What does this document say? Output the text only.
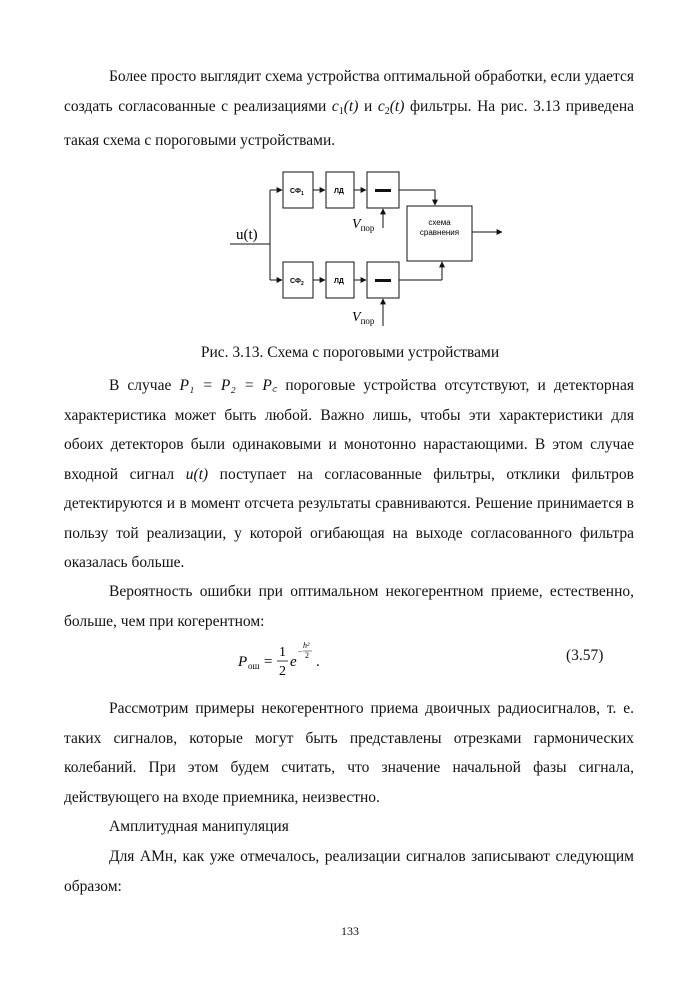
Более просто выглядит схема устройства оптимальной обработки, если удается создать согласованные с реализациями $c_1(t)$ и $c_2(t)$ фильтры. На рис. 3.13 приведена такая схема с пороговыми устройствами.

u(t)
$СФ_1$	ЛД
$V_{пор}$
схема
сравнения
$СФ_2$	ЛД
$V_{пор}$
Рис. 3.13. Схема с пороговыми устройствами

В случае P₁ = P₂ = P꜀ пороговые устройства отсутствуют, и детекторная характеристика может быть любой. Важно лишь, чтобы эти характеристики для обоих детекторов были одинаковыми и монотонно нарастающими. В этом случае входной сигнал u(t) поступает на согласованные фильтры, отклики фильтров детектируются и в момент отсчета результаты сравниваются. Решение принимается в пользу той реализации, у которой огибающая на выходе согласованного фильтра оказалась больше.

Вероятность ошибки при оптимальном некогерентном приеме, естественно, больше, чем при когерентном:

P ош =
1
2
e
−
h²
2 .	(3.57)

Рассмотрим примеры некогерентного приема двоичных радиосигналов, т. е. таких сигналов, которые могут быть представлены отрезками гармонических колебаний. При этом будем считать, что значение начальной фазы сигнала, действующего на входе приемника, неизвестно.

Амплитудная манипуляция

Для АМн, как уже отмечалось, реализации сигналов записывают следующим образом:

133
